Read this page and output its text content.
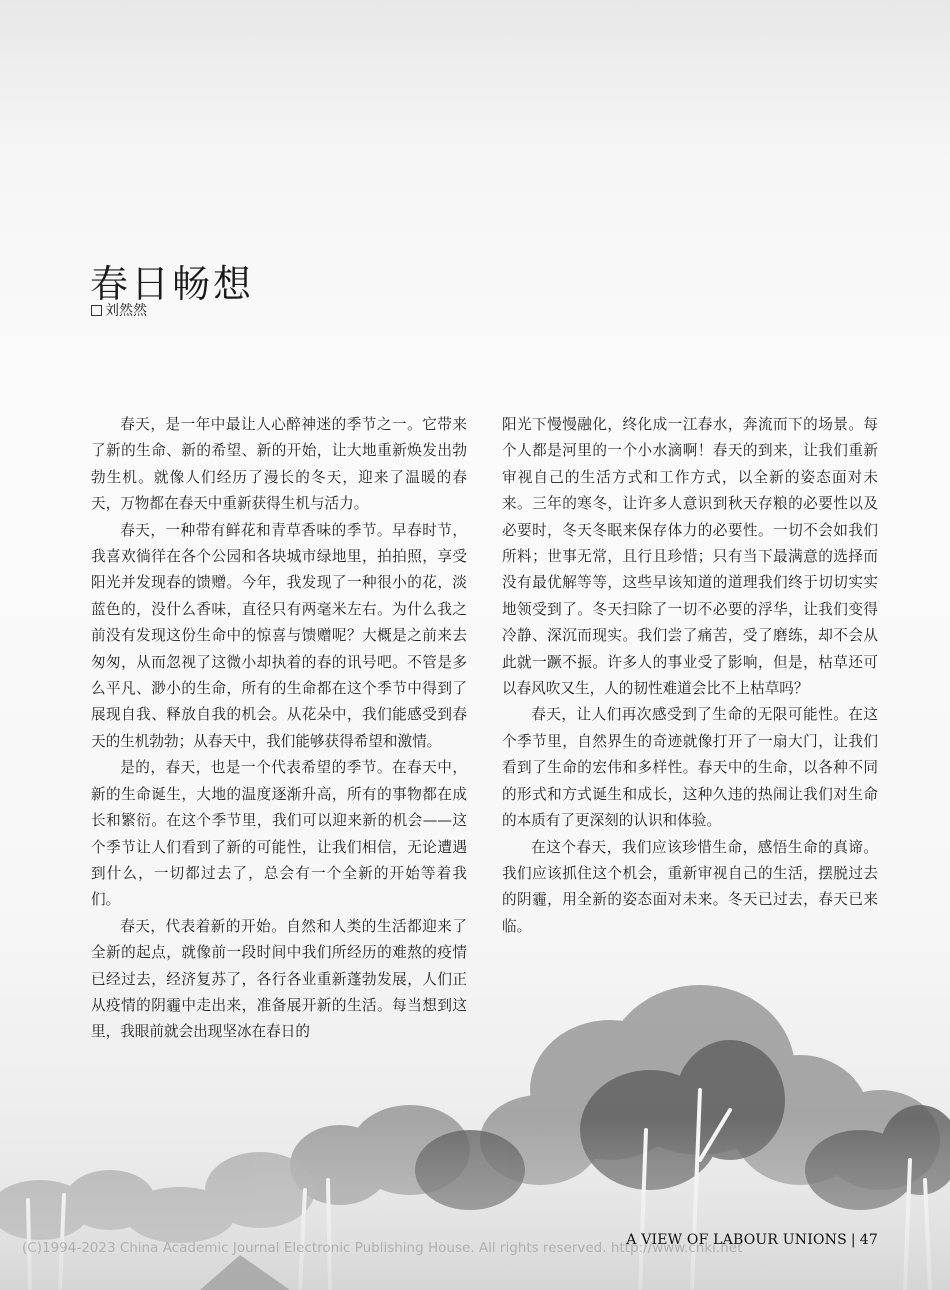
春日畅想
刘然然

春天，是一年中最让人心醉神迷的季节之一。它带来了新的生命、新的希望、新的开始，让大地重新焕发出勃勃生机。就像人们经历了漫长的冬天，迎来了温暖的春天，万物都在春天中重新获得生机与活力。

春天，一种带有鲜花和青草香味的季节。早春时节，我喜欢徜徉在各个公园和各块城市绿地里，拍拍照，享受阳光并发现春的馈赠。今年，我发现了一种很小的花，淡蓝色的，没什么香味，直径只有两毫米左右。为什么我之前没有发现这份生命中的惊喜与馈赠呢？大概是之前来去匆匆，从而忽视了这微小却执着的春的讯号吧。不管是多么平凡、渺小的生命，所有的生命都在这个季节中得到了展现自我、释放自我的机会。从花朵中，我们能感受到春天的生机勃勃；从春天中，我们能够获得希望和激情。

是的，春天，也是一个代表希望的季节。在春天中，新的生命诞生，大地的温度逐渐升高，所有的事物都在成长和繁衍。在这个季节里，我们可以迎来新的机会——这个季节让人们看到了新的可能性，让我们相信，无论遭遇到什么，一切都过去了，总会有一个全新的开始等着我们。

春天，代表着新的开始。自然和人类的生活都迎来了全新的起点，就像前一段时间中我们所经历的难熬的疫情已经过去，经济复苏了，各行各业重新蓬勃发展，人们正从疫情的阴霾中走出来，准备展开新的生活。每当想到这里，我眼前就会出现坚冰在春日的

阳光下慢慢融化，终化成一江春水，奔流而下的场景。每个人都是河里的一个小水滴啊！春天的到来，让我们重新审视自己的生活方式和工作方式，以全新的姿态面对未来。三年的寒冬，让许多人意识到秋天存粮的必要性以及必要时，冬天冬眠来保存体力的必要性。一切不会如我们所料；世事无常，且行且珍惜；只有当下最满意的选择而没有最优解等等，这些早该知道的道理我们终于切切实实地领受到了。冬天扫除了一切不必要的浮华，让我们变得冷静、深沉而现实。我们尝了痛苦，受了磨练，却不会从此就一蹶不振。许多人的事业受了影响，但是，枯草还可以春风吹又生，人的韧性难道会比不上枯草吗？

春天，让人们再次感受到了生命的无限可能性。在这个季节里，自然界生的奇迹就像打开了一扇大门，让我们看到了生命的宏伟和多样性。春天中的生命，以各种不同的形式和方式诞生和成长，这种久违的热闹让我们对生命的本质有了更深刻的认识和体验。

在这个春天，我们应该珍惜生命，感悟生命的真谛。我们应该抓住这个机会，重新审视自己的生活，摆脱过去的阴霾，用全新的姿态面对未来。冬天已过去，春天已来临。

(C)1994-2023 China Academic Journal Electronic Publishing House. All rights reserved. http://www.cnki.net
A VIEW OF LABOUR UNIONS | 47
